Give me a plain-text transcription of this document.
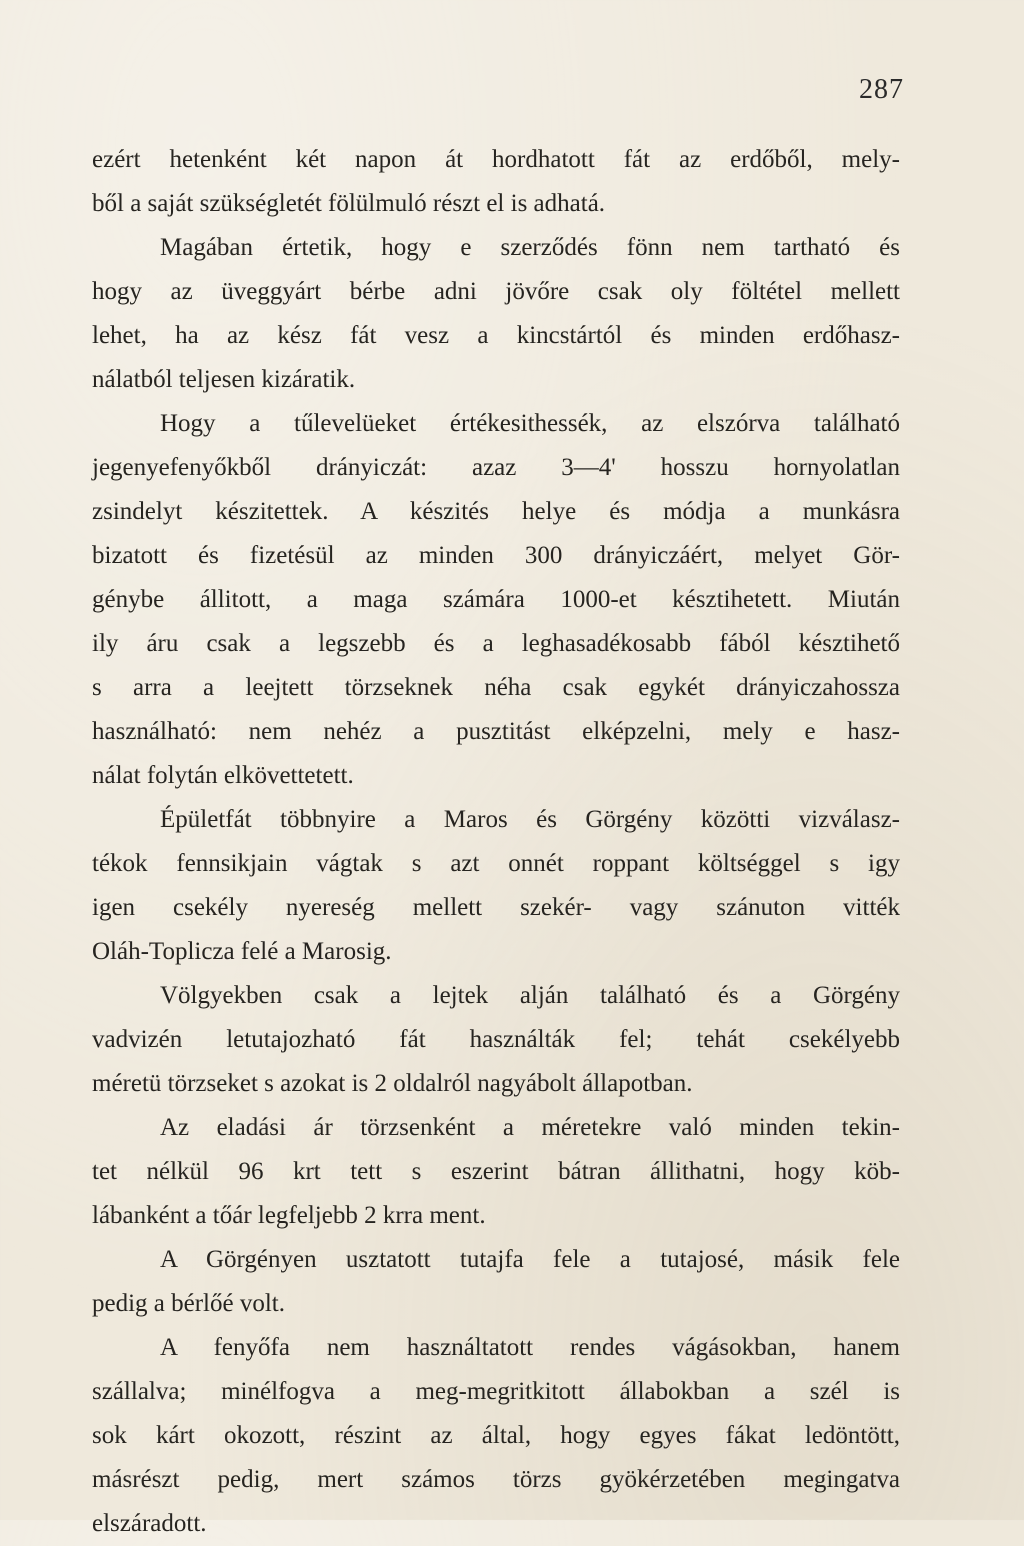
287
ezért hetenként két napon át hordhatott fát az erdőből, mely-
ből a saját szükségletét fölülmuló részt el is adhatá.
Magában értetik, hogy e szerződés fönn nem tartható és
hogy az üveggyárt bérbe adni jövőre csak oly föltétel mellett
lehet, ha az kész fát vesz a kincstártól és minden erdőhasz-
nálatból teljesen kizáratik.
Hogy a tűlevelüeket értékesithessék, az elszórva található
jegenyefenyőkből drányiczát: azaz 3—4' hosszu hornyolatlan
zsindelyt készitettek. A készités helye és módja a munkásra
bizatott és fizetésül az minden 300 drányiczáért, melyet Gör-
génybe állitott, a maga számára 1000-et késztihetett. Miután
ily áru csak a legszebb és a leghasadékosabb fából késztihető
s arra a leejtett törzseknek néha csak egykét drányiczahossza
használható: nem nehéz a pusztitást elképzelni, mely e hasz-
nálat folytán elkövettetett.
Épületfát többnyire a Maros és Görgény közötti vizválasz-
tékok fennsikjain vágtak s azt onnét roppant költséggel s igy
igen csekély nyereség mellett szekér- vagy szánuton vitték
Oláh-Toplicza felé a Marosig.
Völgyekben csak a lejtek alján található és a Görgény
vadvizén letutajozható fát használták fel; tehát csekélyebb
méretü törzseket s azokat is 2 oldalról nagyábolt állapotban.
Az eladási ár törzsenként a méretekre való minden tekin-
tet nélkül 96 krt tett s eszerint bátran állithatni, hogy köb-
lábanként a tőár legfeljebb 2 krra ment.
A Görgényen usztatott tutajfa fele a tutajosé, másik fele
pedig a bérlőé volt.
A fenyőfa nem használtatott rendes vágásokban, hanem
szállalva; minélfogva a meg-megritkitott állabokban a szél is
sok kárt okozott, részint az által, hogy egyes fákat ledöntött,
másrészt pedig, mert számos törzs gyökérzetében megingatva
elszáradott.
